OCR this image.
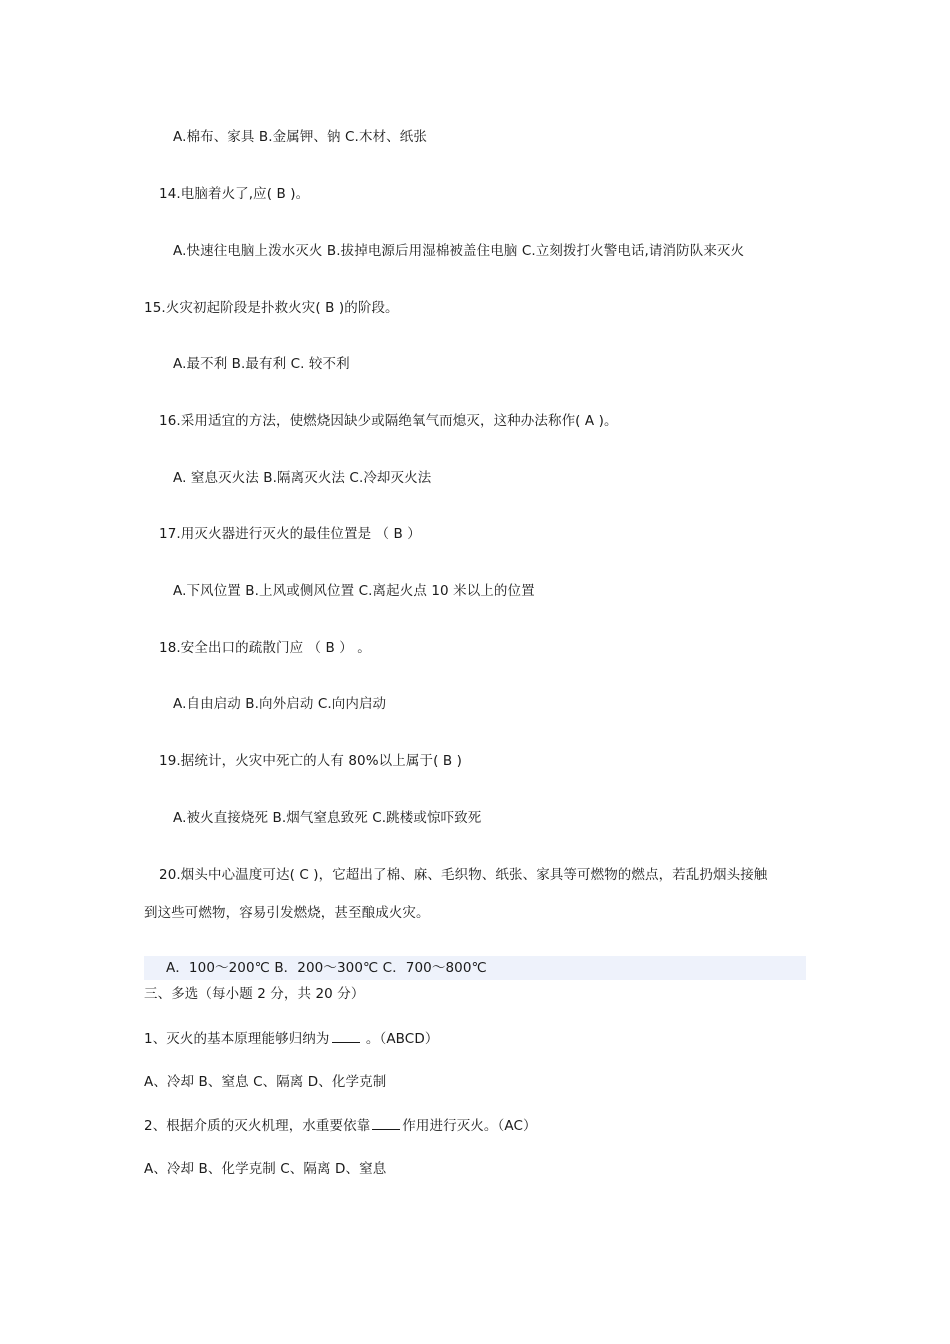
A.棉布、家具 B.金属钾、钠 C.木材、纸张
14.电脑着火了,应( B )。
A.快速往电脑上泼水灭火 B.拔掉电源后用湿棉被盖住电脑 C.立刻拨打火警电话,请消防队来灭火
15.火灾初起阶段是扑救火灾( B )的阶段。
A.最不利 B.最有利 C. 较不利
16.采用适宜的方法，使燃烧因缺少或隔绝氧气而熄灭，这种办法称作( A )。
A. 窒息灭火法 B.隔离灭火法 C.冷却灭火法
17.用灭火器进行灭火的最佳位置是 （ B ）
A.下风位置 B.上风或侧风位置 C.离起火点 10 米以上的位置
18.安全出口的疏散门应 （ B ） 。
A.自由启动 B.向外启动 C.向内启动
19.据统计，火灾中死亡的人有 80%以上属于( B )
A.被火直接烧死 B.烟气窒息致死 C.跳楼或惊吓致死
20.烟头中心温度可达( C )，它超出了棉、麻、毛织物、纸张、家具等可燃物的燃点，若乱扔烟头接触
到这些可燃物，容易引发燃烧，甚至酿成火灾。
A．100～200℃ B．200～300℃ C．700～800℃
三、多选（每小题 2 分，共 20 分）
1、灭火的基本原理能够归纳为 。（ABCD）
A、冷却 B、窒息 C、隔离 D、化学克制
2、根据介质的灭火机理，水重要依靠 作用进行灭火。（AC）
A、冷却 B、化学克制 C、隔离 D、窒息
